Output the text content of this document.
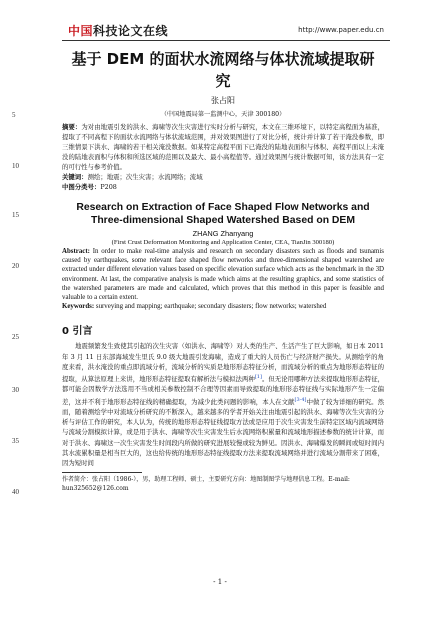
中国科技论文在线	http://www.paper.edu.cn
5
10
15
20
25
30
35
40
基于 DEM 的面状水流网络与体状流域提取研究
张占阳
（中国地震局第一监测中心，天津 300180）

摘要：为对由地震引发的洪水、海啸等次生灾害进行实时分析与研究，本文在三维环境下，以特定高程面为基准，提取了不同高程下的面状水流网络与体状流域范围，并对效果图进行了对比分析，统计并计算了若干淹没参数，即三维情景下洪水、海啸的若干相关淹没数据。如某特定高程平面下已淹没的陆地表面积与体积、高程平面以上未淹没的陆地表面积与体积和所选区域的范围以及最大、最小高程值等。通过效果图与统计数据可知，该方法具有一定的可行性与参考价值。

关键词：测绘；地震；次生灾害；水流网络；流域

中图分类号：P208

Research on Extraction of Face Shaped Flow Networks and Three-dimensional Shaped Watershed Based on DEM
ZHANG Zhanyang
(First Crust Deformation Monitoring and Application Center, CEA, TianJin 300180)

Abstract: In order to make real-time analysis and research on secondary disasters such as floods and tsunamis caused by earthquakes, some relevant face shaped flow networks and three-dimensional shaped watershed are extracted under different elevation values based on specific elevation surface which acts as the benchmark in the 3D environment. At last, the comparative analysis is made which aims at the resulting graphics, and some statistics of the watershed parameters are made and calculated, which proves that this method in this paper is feasible and valuable to a certain extent.

Keywords: surveying and mapping; earthquake; secondary disasters; flow networks; watershed

0 引言

地震频繁发生致使其引起的次生灾害（如洪水、海啸等）对人类的生产、生活产生了巨大影响，如日本 2011 年 3 月 11 日东部海域发生里氏 9.0 级大地震引发海啸，造成了重大的人员伤亡与经济财产损失。从测绘学的角度来看，洪水淹没的重点即流域分析，流域分析的实质是地形形态特征分析，而流域分析的重点为地形形态特征的提取，从算法原理上来讲，地形形态特征提取有解析法与模拟法两种[1]。但无论用哪种方法来提取地形形态特征，都可能会因数学方法选用不当或相关参数控制不合理等因素而导致提取的地形形态特征线与实际地形产生一定偏差，这并不利于地形形态特征线的精确提取，为减少此类问题的影响，本人在文献[3-4]中做了较为详细的研究。然而，随着测绘学中对流域分析研究的不断深入，越来越多的学者开始关注由地震引起的洪水、海啸等次生灾害的分析与评估工作的研究，本人认为，传统的地形形态特征线提取方法或是应用于次生灾害发生前特定区域内流域网络与流域分割模拟计算，或是用于洪水、海啸等次生灾害发生后水流网络积累量和流域地形描述参数的统计计算，而对于洪水、海啸这一次生灾害发生时间段内所做的研究进展较慢或较为鲜见。因洪水、海啸爆发的瞬间或短时间内其水流累积量是相当巨大的，这也给传统的地形形态特征线提取方法来提取流域网络并进行流域分割带来了困难，因为短时间

作者简介：张占阳（1986-），男，助理工程师、硕士，主要研究方向：地图制图学与地理信息工程。E-mail: hun325652@126.com

- 1 -
